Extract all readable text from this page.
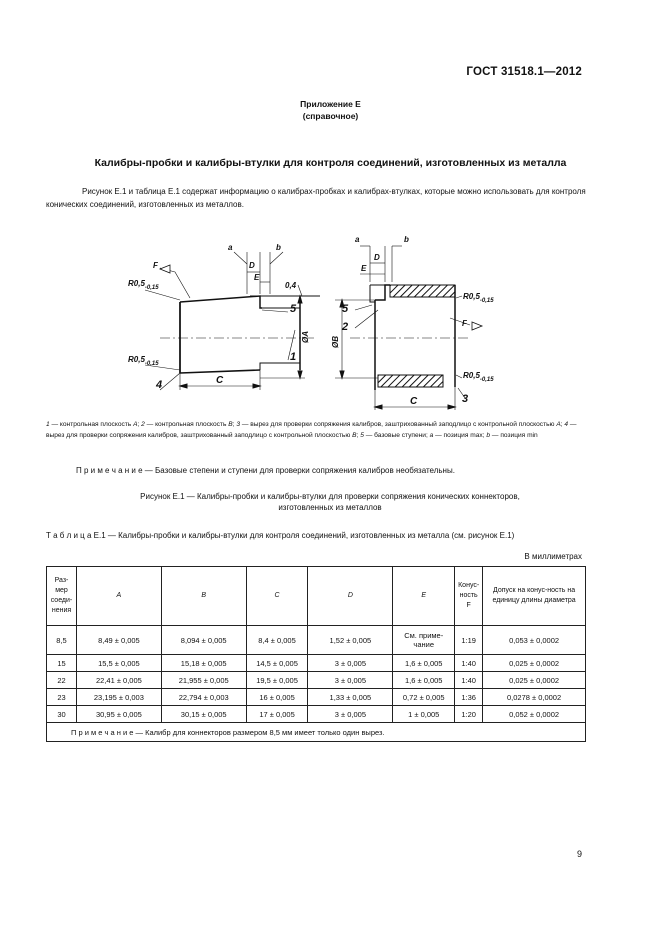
ГОСТ 31518.1—2012
Приложение Е
(справочное)
Калибры-пробки и калибры-втулки для контроля соединений, изготовленных из металла
Рисунок Е.1 и таблица Е.1 содержат информацию о калибрах-пробках и калибрах-втулках, которые можно использовать для контроля конических соединений, изготовленных из металлов.
a	b
D
E
F
$R0,5_{-0,15}$
$R0,5_{-0,15}$
0,4
5
1
4	C
ØA
a	b
D
E
F
$R0,5_{-0,15}$
$R0,5_{-0,15}$
5
2
3
C
ØB
1 — контрольная плоскость A; 2 — контрольная плоскость B; 3 — вырез для проверки сопряжения калибров, заштрихованный заподлицо с контрольной плоскостью A; 4 — вырез для проверки сопряжения калибров, заштрихованный заподлицо с контрольной плоскостью B; 5 — базовые ступени; a — позиция max; b — позиция min
П р и м е ч а н и е — Базовые степени и ступени для проверки сопряжения калибров необязательны.
Рисунок Е.1 — Калибры-пробки и калибры-втулки для проверки сопряжения конических коннекторов,
изготовленных из металлов
Т а б л и ц а Е.1 — Калибры-пробки и калибры-втулки для контроля соединений, изготовленных из металла (см. рисунок Е.1)
В миллиметрах
Раз-мер соеди-нения	A	B	C	D	E	Конус-ность F	Допуск на конус-ность на единицу длины диаметра
8,5	8,49 ± 0,005	8,094 ± 0,005	8,4 ± 0,005	1,52 ± 0,005	См. приме-чание	1:19	0,053 ± 0,0002
15	15,5 ± 0,005	15,18 ± 0,005	14,5 ± 0,005	3 ± 0,005	1,6 ± 0,005	1:40	0,025 ± 0,0002
22	22,41 ± 0,005	21,955 ± 0,005	19,5 ± 0,005	3 ± 0,005	1,6 ± 0,005	1:40	0,025 ± 0,0002
23	23,195 ± 0,003	22,794 ± 0,003	16 ± 0,005	1,33 ± 0,005	0,72 ± 0,005	1:36	0,0278 ± 0,0002
30	30,95 ± 0,005	30,15 ± 0,005	17 ± 0,005	3 ± 0,005	1 ± 0,005	1:20	0,052 ± 0,0002
П р и м е ч а н и е — Калибр для коннекторов размером 8,5 мм имеет только один вырез.							
9
